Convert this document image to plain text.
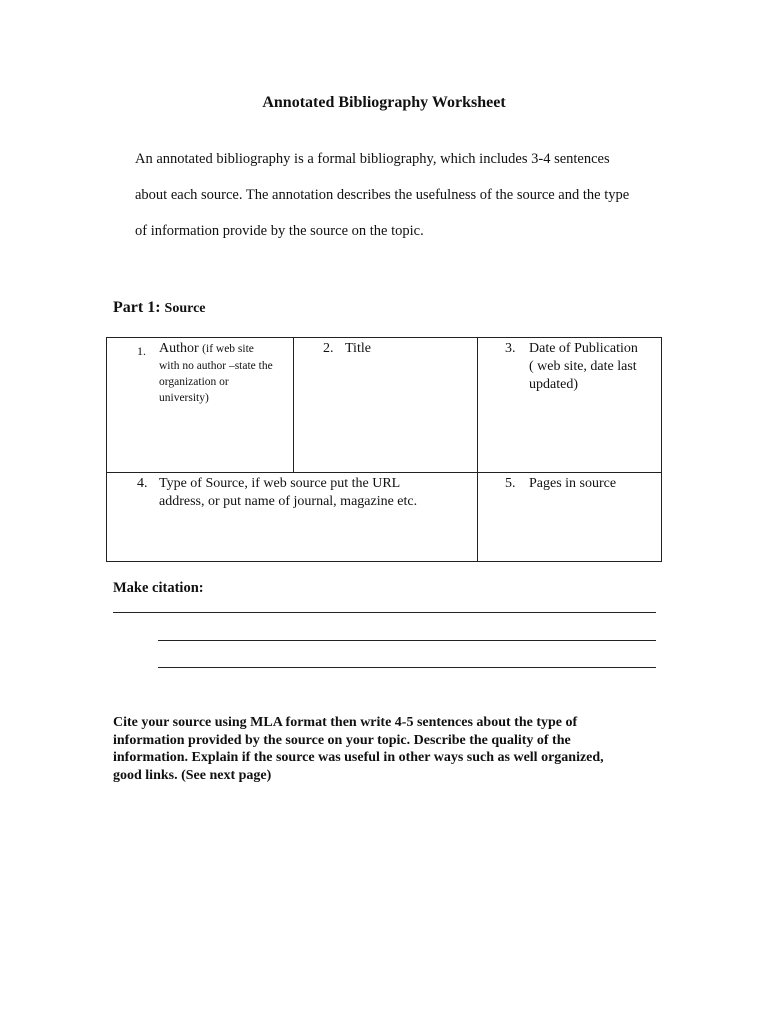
Annotated Bibliography Worksheet

An annotated bibliography is a formal bibliography, which includes 3-4 sentences

about each source. The annotation describes the usefulness of the source and the type

of information provide by the source on the topic.

Part 1: Source
1. Author (if web site
with no author –state the
organization or
university)
2. Title	3. Date of Publication
( web site, date last
updated)
4. Type of Source, if web source put the URL
address, or put name of journal, magazine etc.
5. Pages in source
Make citation:

Cite your source using MLA format then write 4-5 sentences about the type of

information provided by the source on your topic. Describe the quality of the

information. Explain if the source was useful in other ways such as well organized,

good links. (See next page)
